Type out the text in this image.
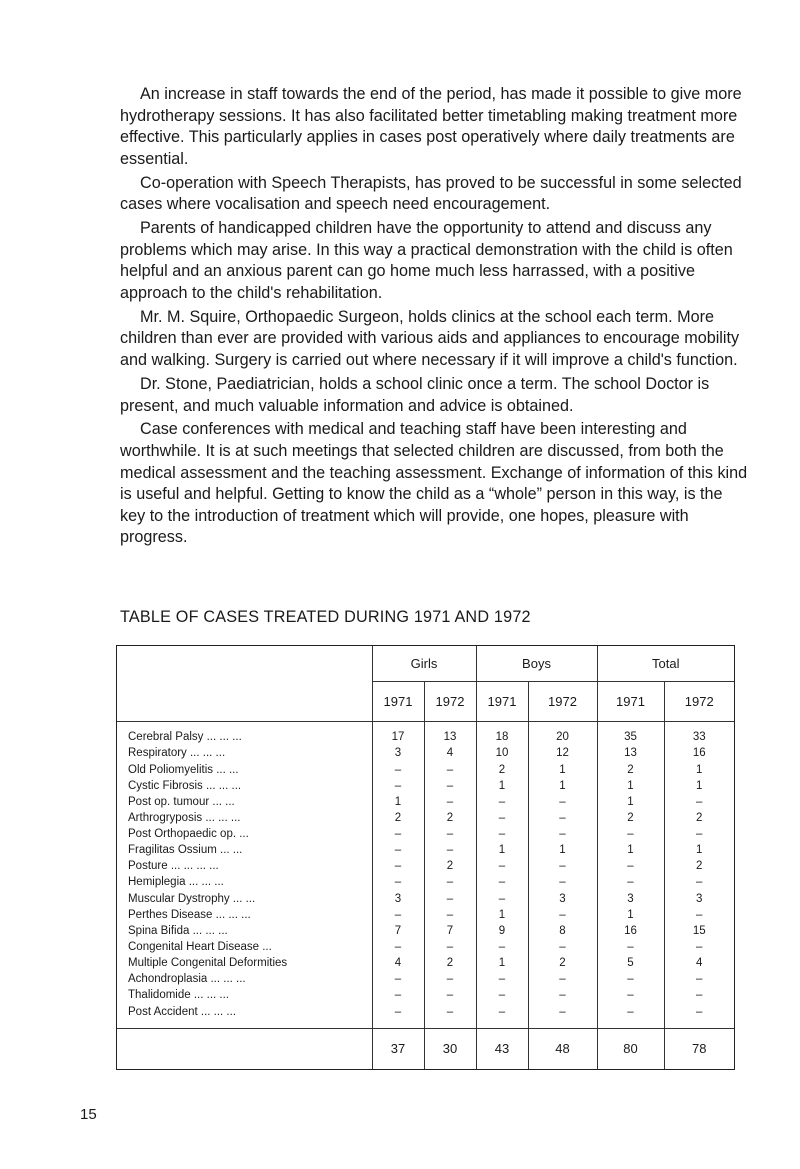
An increase in staff towards the end of the period, has made it possible to give more hydrotherapy sessions. It has also facilitated better timetabling making treatment more effective. This particularly applies in cases post operatively where daily treatments are essential.

Co-operation with Speech Therapists, has proved to be successful in some selected cases where vocalisation and speech need encouragement.

Parents of handicapped children have the opportunity to attend and discuss any problems which may arise. In this way a practical demonstration with the child is often helpful and an anxious parent can go home much less harrassed, with a positive approach to the child's rehabilitation.

Mr. M. Squire, Orthopaedic Surgeon, holds clinics at the school each term. More children than ever are provided with various aids and appliances to encourage mobility and walking. Surgery is carried out where necessary if it will improve a child's function.

Dr. Stone, Paediatrician, holds a school clinic once a term. The school Doctor is present, and much valuable information and advice is obtained.

Case conferences with medical and teaching staff have been interesting and worthwhile. It is at such meetings that selected children are discussed, from both the medical assessment and the teaching assessment. Exchange of information of this kind is useful and helpful. Getting to know the child as a “whole” person in this way, is the key to the introduction of treatment which will provide, one hopes, pleasure with progress.

TABLE OF CASES TREATED DURING 1971 AND 1972
	Girls		Boys		Total	
	1971	1972	1971	1972	1971	1972
Cerebral Palsy ... ... ...	17	13	18	20	35	33
Respiratory ... ... ...	3	4	10	12	13	16
Old Poliomyelitis ... ...	–	–	2	1	2	1
Cystic Fibrosis ... ... ...	–	–	1	1	1	1
Post op. tumour ... ...	1	–	–	–	1	–
Arthrogryposis ... ... ...	2	2	–	–	2	2
Post Orthopaedic op. ...	–	–	–	–	–	–
Fragilitas Ossium ... ...	–	–	1	1	1	1
Posture ... ... ... ...	–	2	–	–	–	2
Hemiplegia ... ... ...	–	–	–	–	–	–
Muscular Dystrophy ... ...	3	–	–	3	3	3
Perthes Disease ... ... ...	–	–	1	–	1	–
Spina Bifida ... ... ...	7	7	9	8	16	15
Congenital Heart Disease ...	–	–	–	–	–	–
Multiple Congenital Deformities	4	2	1	2	5	4
Achondroplasia ... ... ...	–	–	–	–	–	–
Thalidomide ... ... ...	–	–	–	–	–	–
Post Accident ... ... ...	–	–	–	–	–	–
	37	30	43	48	80	78
15
